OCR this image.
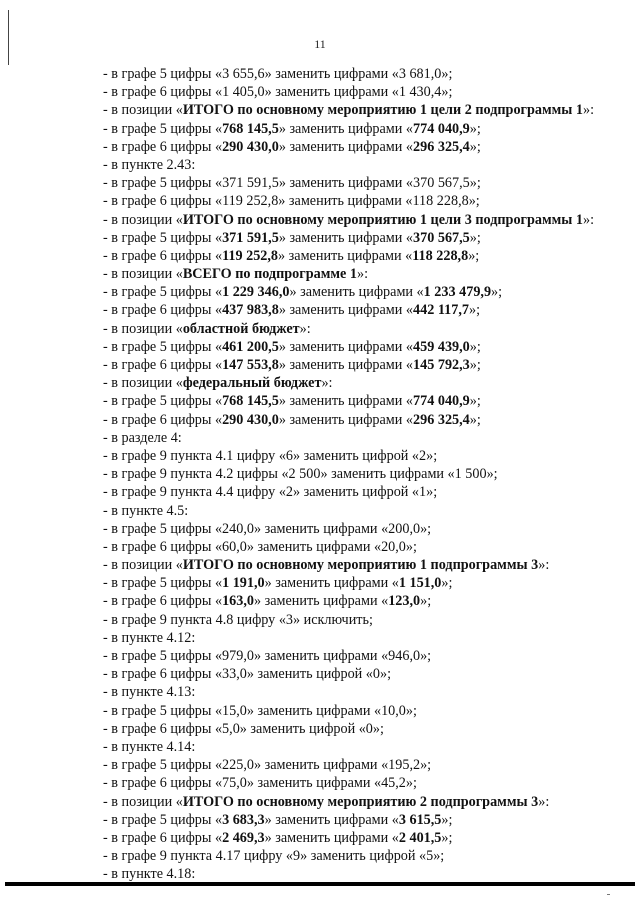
11
- в графе 5 цифры «3 655,6» заменить цифрами «3 681,0»;
- в графе 6 цифры «1 405,0» заменить цифрами «1 430,4»;
- в позиции «ИТОГО по основному мероприятию 1 цели 2 подпрограммы 1»:
- в графе 5 цифры «768 145,5» заменить цифрами «774 040,9»;
- в графе 6 цифры «290 430,0» заменить цифрами «296 325,4»;
- в пункте 2.43:
- в графе 5 цифры «371 591,5» заменить цифрами «370 567,5»;
- в графе 6 цифры «119 252,8» заменить цифрами «118 228,8»;
- в позиции «ИТОГО по основному мероприятию 1 цели 3 подпрограммы 1»:
- в графе 5 цифры «371 591,5» заменить цифрами «370 567,5»;
- в графе 6 цифры «119 252,8» заменить цифрами «118 228,8»;
- в позиции «ВСЕГО по подпрограмме 1»:
- в графе 5 цифры «1 229 346,0» заменить цифрами «1 233 479,9»;
- в графе 6 цифры «437 983,8» заменить цифрами «442 117,7»;
- в позиции «областной бюджет»:
- в графе 5 цифры «461 200,5» заменить цифрами «459 439,0»;
- в графе 6 цифры «147 553,8» заменить цифрами «145 792,3»;
- в позиции «федеральный бюджет»:
- в графе 5 цифры «768 145,5» заменить цифрами «774 040,9»;
- в графе 6 цифры «290 430,0» заменить цифрами «296 325,4»;
- в разделе 4:
- в графе 9 пункта 4.1 цифру «6» заменить цифрой «2»;
- в графе 9 пункта 4.2 цифры «2 500» заменить цифрами «1 500»;
- в графе 9 пункта 4.4 цифру «2» заменить цифрой «1»;
- в пункте 4.5:
- в графе 5 цифры «240,0» заменить цифрами «200,0»;
- в графе 6 цифры «60,0» заменить цифрами «20,0»;
- в позиции «ИТОГО по основному мероприятию 1 подпрограммы 3»:
- в графе 5 цифры «1 191,0» заменить цифрами «1 151,0»;
- в графе 6 цифры «163,0» заменить цифрами «123,0»;
- в графе 9 пункта 4.8 цифру «3» исключить;
- в пункте 4.12:
- в графе 5 цифры «979,0» заменить цифрами «946,0»;
- в графе 6 цифры «33,0» заменить цифрой «0»;
- в пункте 4.13:
- в графе 5 цифры «15,0» заменить цифрами «10,0»;
- в графе 6 цифры «5,0» заменить цифрой «0»;
- в пункте 4.14:
- в графе 5 цифры «225,0» заменить цифрами «195,2»;
- в графе 6 цифры «75,0» заменить цифрами «45,2»;
- в позиции «ИТОГО по основному мероприятию 2 подпрограммы 3»:
- в графе 5 цифры «3 683,3» заменить цифрами «3 615,5»;
- в графе 6 цифры «2 469,3» заменить цифрами «2 401,5»;
- в графе 9 пункта 4.17 цифру «9» заменить цифрой «5»;
- в пункте 4.18:
